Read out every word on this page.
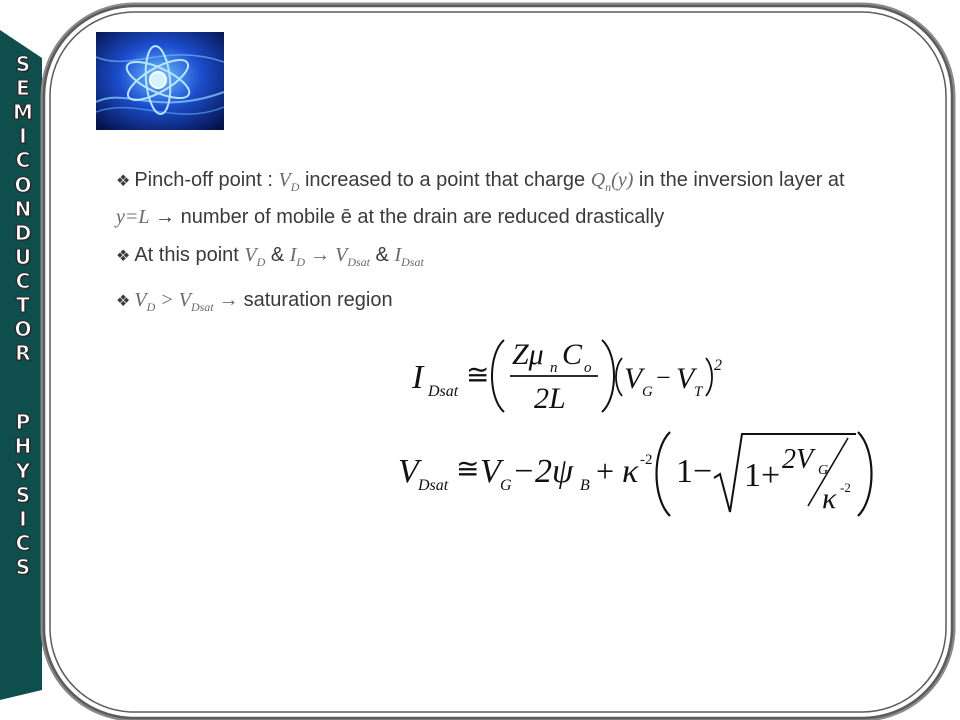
S
E
M
I
C
O
N
D
U
C
T
O
R
P
H
Y
S
I
C
S
❖ Pinch-off point : $V_D$ increased to a point that charge $Q_n(y)$ in the inversion layer at y=L → number of mobile ē at the drain are reduced drastically
❖ At this point $V_D$ & $I_D \to V_{Dsat}$ & $I_{Dsat}$
❖ $V_D > V_{Dsat}$ → saturation region
I Dsat
≅
Zμ n C o
2L
V G − V T
2
V Dsat
≅ V G −2ψ B + κ -2 1− 1+ 2V G
κ -2
